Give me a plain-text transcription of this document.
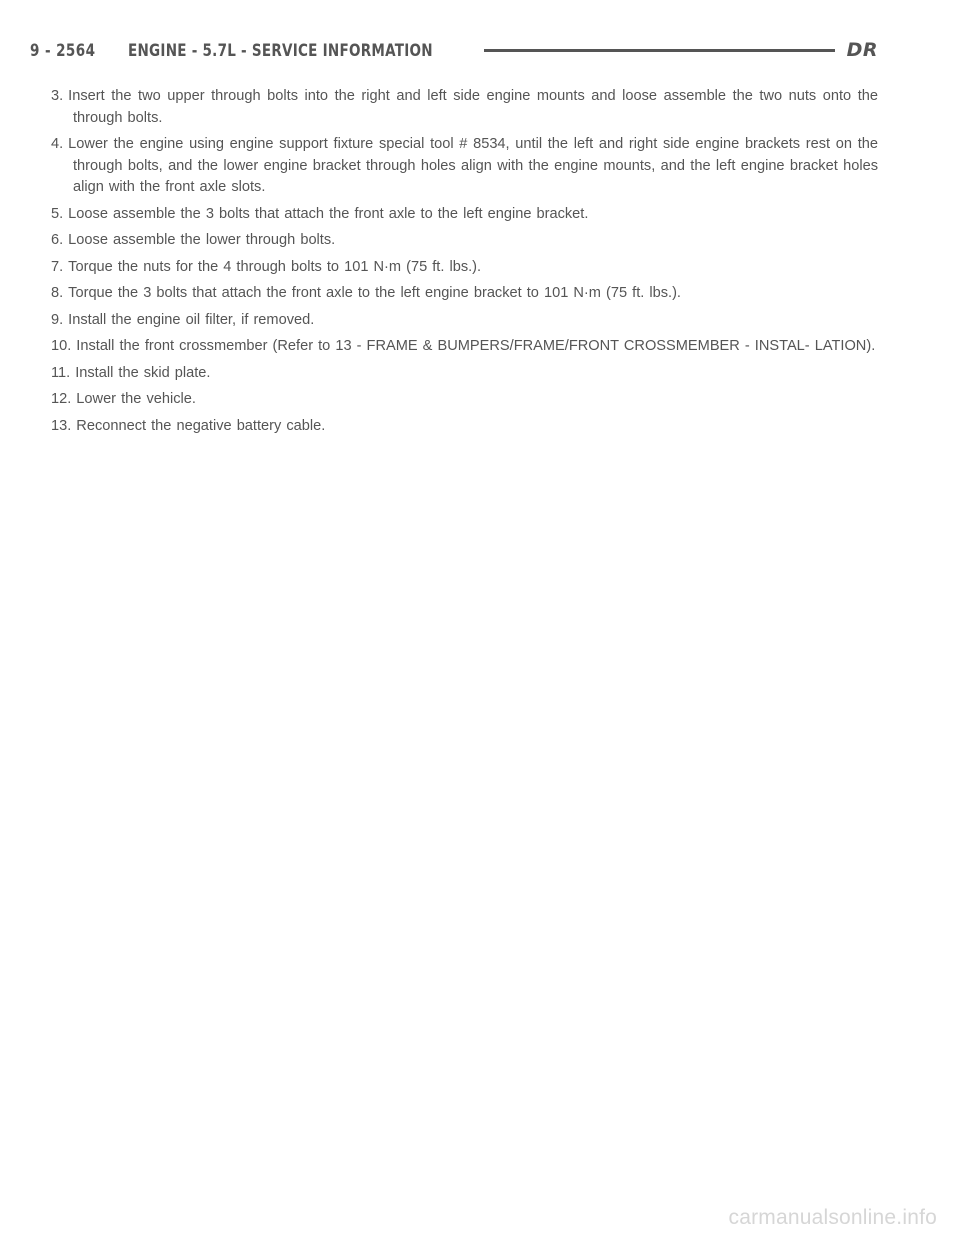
9 - 2564	ENGINE - 5.7L - SERVICE INFORMATION	DR

3. Insert the two upper through bolts into the right and left side engine mounts and loose assemble the two nuts onto the through bolts.

4. Lower the engine using engine support fixture special tool # 8534, until the left and right side engine brackets rest on the through bolts, and the lower engine bracket through holes align with the engine mounts, and the left engine bracket holes align with the front axle slots.

5. Loose assemble the 3 bolts that attach the front axle to the left engine bracket.

6. Loose assemble the lower through bolts.

7. Torque the nuts for the 4 through bolts to 101 N·m (75 ft. lbs.).

8. Torque the 3 bolts that attach the front axle to the left engine bracket to 101 N·m (75 ft. lbs.).

9. Install the engine oil filter, if removed.

10. Install the front crossmember (Refer to 13 - FRAME & BUMPERS/FRAME/FRONT CROSSMEMBER - INSTAL- LATION).

11. Install the skid plate.

12. Lower the vehicle.

13. Reconnect the negative battery cable.

carmanualsonline.info
